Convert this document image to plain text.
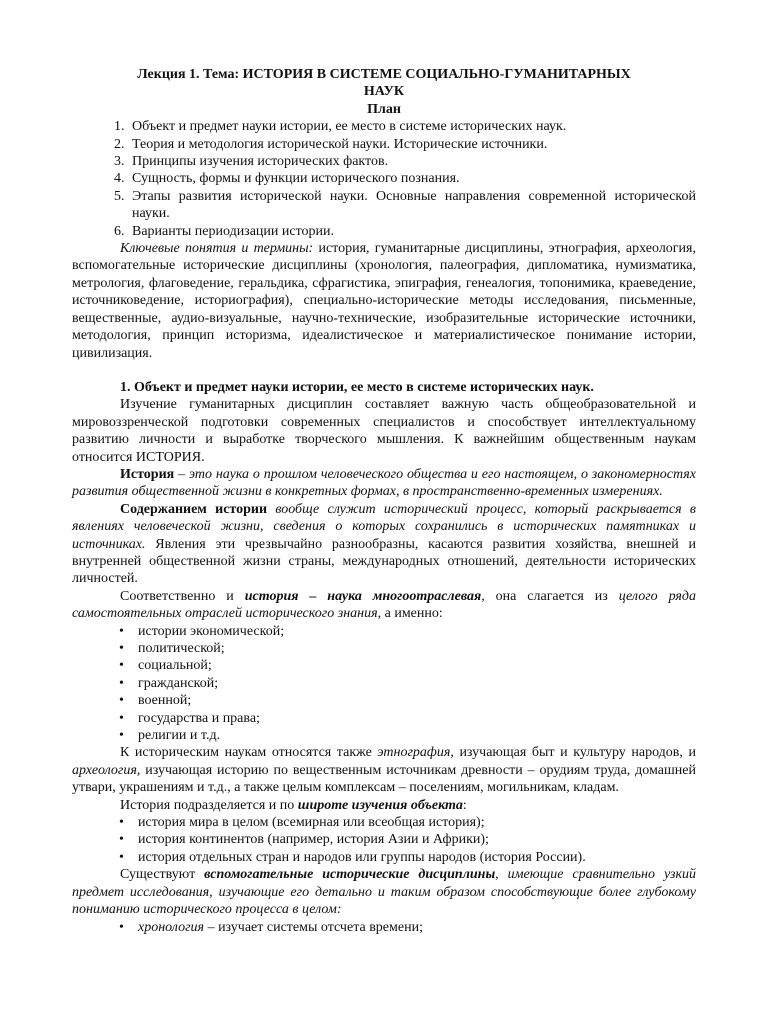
Лекция 1. Тема: ИСТОРИЯ В СИСТЕМЕ СОЦИАЛЬНО-ГУМАНИТАРНЫХ
НАУК

План

1. Объект и предмет науки истории, ее место в системе исторических наук.
2. Теория и методология исторической науки. Исторические источники.
3. Принципы изучения исторических фактов.
4. Сущность, формы и функции исторического познания.
5. Этапы развития исторической науки. Основные направления современной исторической науки.
6. Варианты периодизации истории.

Ключевые понятия и термины: история, гуманитарные дисциплины, этнография, археология, вспомогательные исторические дисциплины (хронология, палеография, дипломатика, нумизматика, метрология, флаговедение, геральдика, сфрагистика, эпиграфия, генеалогия, топонимика, краеведение, источниковедение, историография), специально-исторические методы исследования, письменные, вещественные, аудио-визуальные, научно-технические, изобразительные исторические источники, методология, принцип историзма, идеалистическое и материалистическое понимание истории, цивилизация.

1. Объект и предмет науки истории, ее место в системе исторических наук.

Изучение гуманитарных дисциплин составляет важную часть общеобразовательной и мировоззренческой подготовки современных специалистов и способствует интеллектуальному развитию личности и выработке творческого мышления. К важнейшим общественным наукам относится ИСТОРИЯ.

История – это наука о прошлом человеческого общества и его настоящем, о закономерностях развития общественной жизни в конкретных формах, в пространственно-временных измерениях.

Содержанием истории вообще служит исторический процесс, который раскрывается в явлениях человеческой жизни, сведения о которых сохранились в исторических памятниках и источниках. Явления эти чрезвычайно разнообразны, касаются развития хозяйства, внешней и внутренней общественной жизни страны, международных отношений, деятельности исторических личностей.

Соответственно и история – наука многоотраслевая, она слагается из целого ряда самостоятельных отраслей исторического знания, а именно:

• истории экономической;
• политической;
• социальной;
• гражданской;
• военной;
• государства и права;
• религии и т.д.

К историческим наукам относятся также этнография, изучающая быт и культуру народов, и археология, изучающая историю по вещественным источникам древности – орудиям труда, домашней утвари, украшениям и т.д., а также целым комплексам – поселениям, могильникам, кладам.

История подразделяется и по широте изучения объекта:

• история мира в целом (всемирная или всеобщая история);
• история континентов (например, история Азии и Африки);
• история отдельных стран и народов или группы народов (история России).

Существуют вспомогательные исторические дисциплины, имеющие сравнительно узкий предмет исследования, изучающие его детально и таким образом способствующие более глубокому пониманию исторического процесса в целом:

• хронология – изучает системы отсчета времени;
